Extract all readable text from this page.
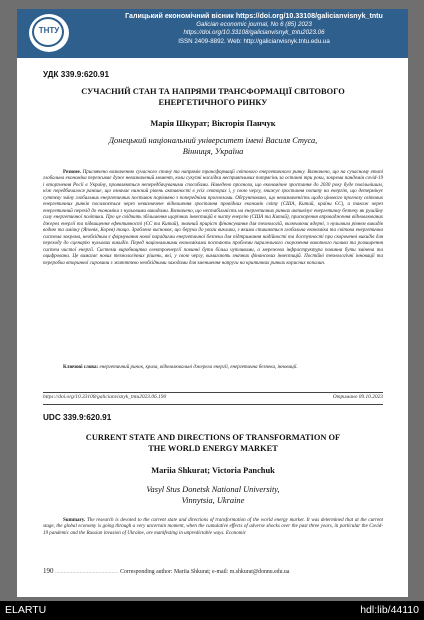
ТНТУ
Галицький економічний вісник https://doi.org/10.33108/galicianvisnyk_tntu
Galician economic journal, No 6 (85) 2023
https://doi.org/10.33108/galicianvisnyk_tntu2023.06
ISSN 2409-8892. Web: http://galicianvisnyk.tntu.edu.ua
УДК 339.9:620.91
СУЧАСНИЙ СТАН ТА НАПРЯМИ ТРАНСФОРМАЦІЇ СВІТОВОГО
ЕНЕРГЕТИЧНОГО РИНКУ
Марія Шкурат; Вікторія Панчук
Донецький національний університет імені Василя Стуса,
Вінниця, Україна
Резюме. Присвячено визначенню сучасного стану та напрямів трансформації світового енергетичного ринку. Визначено, що на сучасному етапі глобальна економіка переживає дуже невизначений момент, коли сукупні наслідки несприятливих потрясінь за останні три роки, зокрема пандемія covid-19 і вторгнення Росії в Україну, проявляються непередбачуваними способами. Наведено прогнози, що економічне зростання до 2030 року буде повільнішим, ніж передбачалося раніше, що означає нижчий рівень активності в усіх секторах і, у свою чергу, знижує зростання попиту на енергію, що детермінує суттєву зміну глобальних енергетичних поставок порівняно з попередніми прогнозами. Обґрунтовано, що невизначеність щодо цінового прогнозу світових енергетичних ринків посилюється через невизначене відношення зростання провідних економік світу (США, Китай, країни ЄС), а також через енергетичний перехід до економіки з нульовими викидами. Визначено, що нестабільність на енергетичних ринках активізує енергетичну безпеку як рушійну силу енергетичної політики. Про це свідчить збільшення щорічних інвестицій в чисту енергію (США та Китай), прискорення впровадження відновлюваних джерел енергії та підвищення ефективності (ЄС та Китай), значний приріст фінансування для технологій, включаючи ядерні, з нульовим рівнем викидів водню та аміаку (Японія, Корея) тощо. Зроблено висновок, що беручи до уваги виклики, з якими стикаються глобальна економіка та світова енергетична система зокрема, необхідним є формування нової парадигми енергетичної безпеки для підтримання надійності та доступності при скороченні викидів для переходу до сценарію нульових викидів. Перед національними економіками постають проблеми паралельного скорочення викопного палива та розширення систем чистої енергії. Системи виробництва електроенергії повинні бути більш чутливими, а мережева інфраструктура повинна бути змінена та оцифрована. Це вимагає нових технологічних рішень, які, у свою чергу, вимагають значних фінансових інвестицій. Постійні технологічні інновації та переробка вторинної сировини з житттєво необхідними заходами для зменшення напруги на критичних ринках корисних копалин.
Ключові слова: енергетичний ринок, криза, відновлювальні джерела енергії, енергетична безпека, інновації.
https://doi.org/10.33108/galicianvisnyk_tntu2023.06.190	Отримано 09.10.2023
UDC 339.9:620.91
CURRENT STATE AND DIRECTIONS OF TRANSFORMATION OF
THE WORLD ENERGY MARKET
Mariia Shkurat; Victoria Panchuk
Vasyl Stus Donetsk National University,
Vinnytsia, Ukraine
Summary. The research is devoted to the current state and directions of transformation of the world energy market. It was determined that at the current stage, the global economy is going through a very uncertain moment, when the cumulative effects of adverse shocks over the past three years, in particular the Covid-19 pandemic and the Russian invasion of Ukraine, are manifesting in unpredictable ways. Economic
190 ............................................ Corresponding author: Mariia Shkurat; e-mail: m.shkurat@donnu.edu.ua
ELARTU	hdl:lib/44110
